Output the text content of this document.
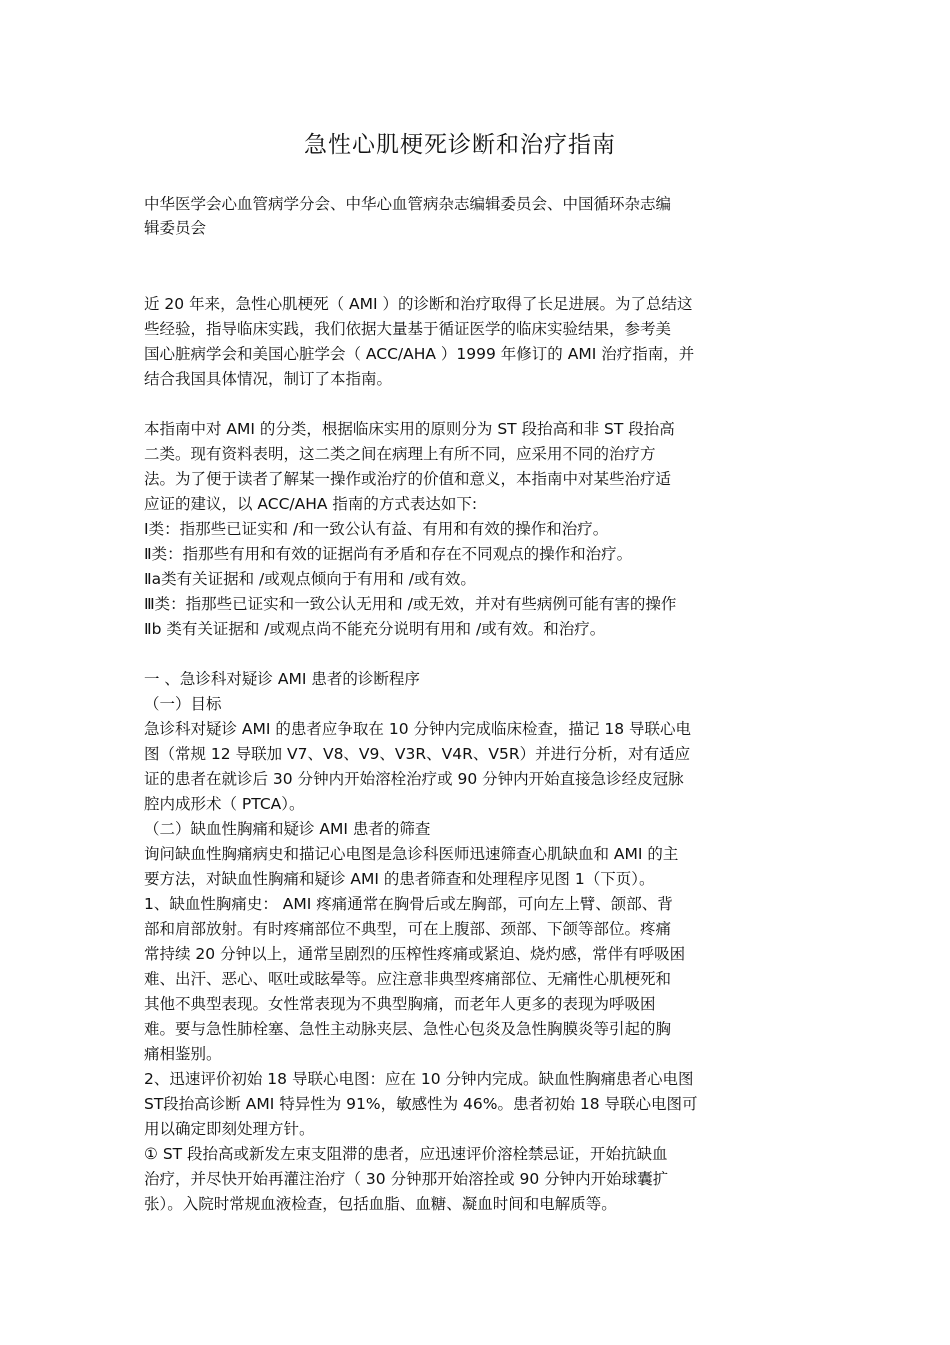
急性心肌梗死诊断和治疗指南
中华医学会心血管病学分会、中华心血管病杂志编辑委员会、中国循环杂志编
辑委员会
近 20 年来，急性心肌梗死（ AMI ）的诊断和治疗取得了长足进展。为了总结这
些经验，指导临床实践，我们依据大量基于循证医学的临床实验结果，参考美
国心脏病学会和美国心脏学会（ ACC/AHA ）1999 年修订的 AMI 治疗指南，并
结合我国具体情况，制订了本指南。
本指南中对 AMI 的分类，根据临床实用的原则分为 ST 段抬高和非 ST 段抬高
二类。现有资料表明，这二类之间在病理上有所不同，应采用不同的治疗方
法。为了便于读者了解某一操作或治疗的价值和意义，本指南中对某些治疗适
应证的建议，以 ACC/AHA 指南的方式表达如下:
Ⅰ类：指那些已证实和 /和一致公认有益、有用和有效的操作和治疗。
Ⅱ类：指那些有用和有效的证据尚有矛盾和存在不同观点的操作和治疗。
Ⅱa类有关证据和 /或观点倾向于有用和 /或有效。
Ⅲ类：指那些已证实和一致公认无用和 /或无效，并对有些病例可能有害的操作
Ⅱb 类有关证据和 /或观点尚不能充分说明有用和 /或有效。和治疗。
一 、急诊科对疑诊 AMI 患者的诊断程序
（一）目标
急诊科对疑诊 AMI 的患者应争取在 10 分钟内完成临床检查，描记 18 导联心电
图（常规 12 导联加 V7、V8、V9、V3R、V4R、V5R）并进行分析，对有适应
证的患者在就诊后 30 分钟内开始溶栓治疗或 90 分钟内开始直接急诊经皮冠脉
腔内成形术（ PTCA）。
（二）缺血性胸痛和疑诊 AMI 患者的筛查
询问缺血性胸痛病史和描记心电图是急诊科医师迅速筛查心肌缺血和 AMI 的主
要方法，对缺血性胸痛和疑诊 AMI 的患者筛查和处理程序见图 1（下页）。
1、缺血性胸痛史： AMI 疼痛通常在胸骨后或左胸部，可向左上臂、颌部、背
部和肩部放射。有时疼痛部位不典型，可在上腹部、颈部、下颌等部位。疼痛
常持续 20 分钟以上，通常呈剧烈的压榨性疼痛或紧迫、烧灼感，常伴有呼吸困
难、出汗、恶心、呕吐或眩晕等。应注意非典型疼痛部位、无痛性心肌梗死和
其他不典型表现。女性常表现为不典型胸痛，而老年人更多的表现为呼吸困
难。要与急性肺栓塞、急性主动脉夹层、急性心包炎及急性胸膜炎等引起的胸
痛相鉴别。
2、迅速评价初始 18 导联心电图：应在 10 分钟内完成。缺血性胸痛患者心电图
ST段抬高诊断 AMI 特异性为 91%，敏感性为 46%。患者初始 18 导联心电图可
用以确定即刻处理方针。
① ST 段抬高或新发左束支阻滞的患者，应迅速评价溶栓禁忌证，开始抗缺血
治疗，并尽快开始再灌注治疗（ 30 分钟那开始溶拴或 90 分钟内开始球囊扩
张）。入院时常规血液检查，包括血脂、血糖、凝血时间和电解质等。
